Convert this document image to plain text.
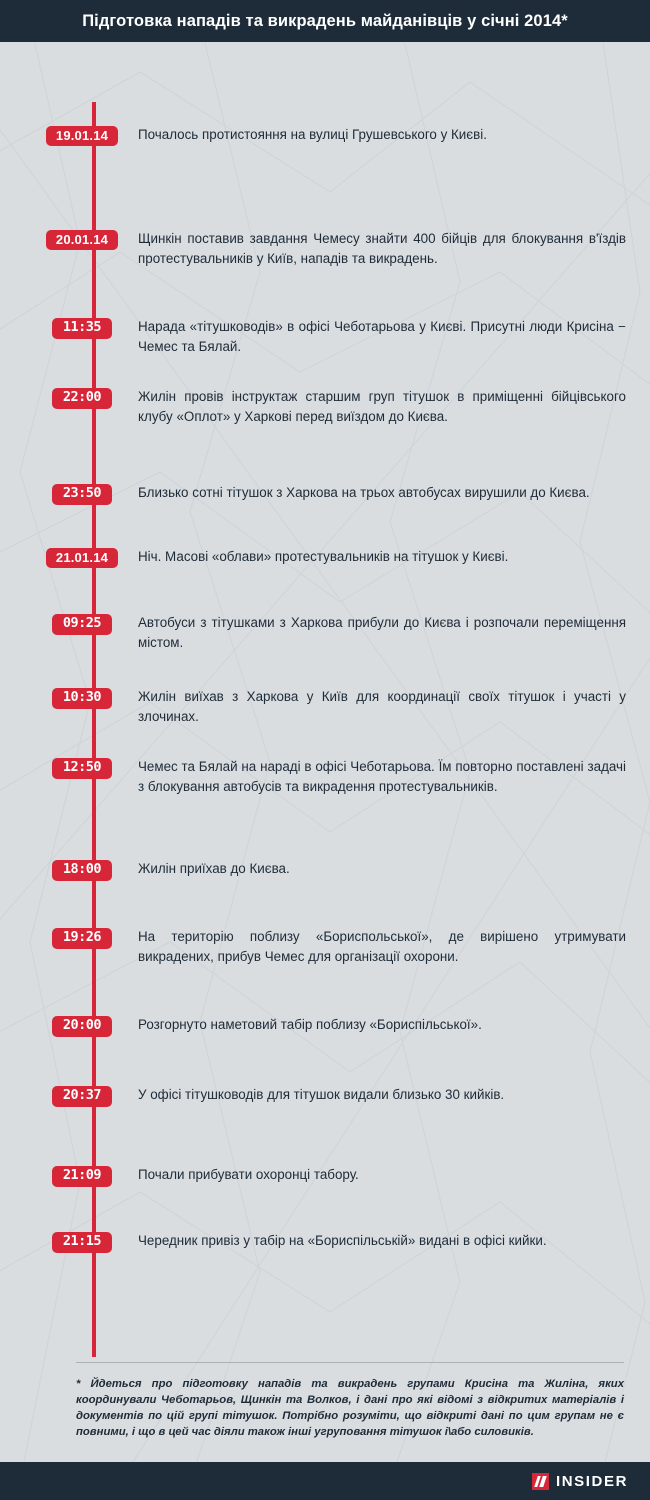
Підготовка нападів та викрадень майданівців у січні 2014*
19.01.14	Почалось протистояння на вулиці Грушевського у Києві.
20.01.14	Щинкін поставив завдання Чемесу знайти 400 бійців для блокування в'їздів протестувальників у Київ, нападів та викрадень.
11:35	Нарада «тітушководів» в офісі Чеботарьова у Києві. Присутні люди Крисіна − Чемес та Бялай.
22:00	Жилін провів інструктаж старшим груп тітушок в приміщенні бійцівського клубу «Оплот» у Харкові перед виїздом до Києва.
23:50	Близько сотні тітушок з Харкова на трьох автобусах вирушили до Києва.
21.01.14	Ніч. Масові «облави» протестувальників на тітушок у Києві.
09:25	Автобуси з тітушками з Харкова прибули до Києва і розпочали переміщення містом.
10:30	Жилін виїхав з Харкова у Київ для координації своїх тітушок і участі у злочинах.
12:50	Чемес та Бялай на нараді в офісі Чеботарьова. Їм повторно поставлені задачі з блокування автобусів та викрадення протестувальників.
18:00	Жилін приїхав до Києва.
19:26	На територію поблизу «Бориспольської», де вирішено утримувати викрадених, прибув Чемес для організації охорони.
20:00	Розгорнуто наметовий табір поблизу «Бориспільської».
20:37	У офісі тітушководів для тітушок видали близько 30 кийків.
21:09	Почали прибувати охоронці табору.
21:15	Чередник привіз у табір на «Бориспільській» видані в офісі кийки.
* Йдеться про підготовку нападів та викрадень групами Крисіна та Жиліна, яких координували Чеботарьов, Щинкін та Волков, і дані про які відомі з відкритих матеріалів і документів по цій групі тітушок. Потрібно розуміти, що відкриті дані по цим групам не є повними, і що в цей час діяли також інші угруповання тітушок і\або силовиків.
INSIDER
